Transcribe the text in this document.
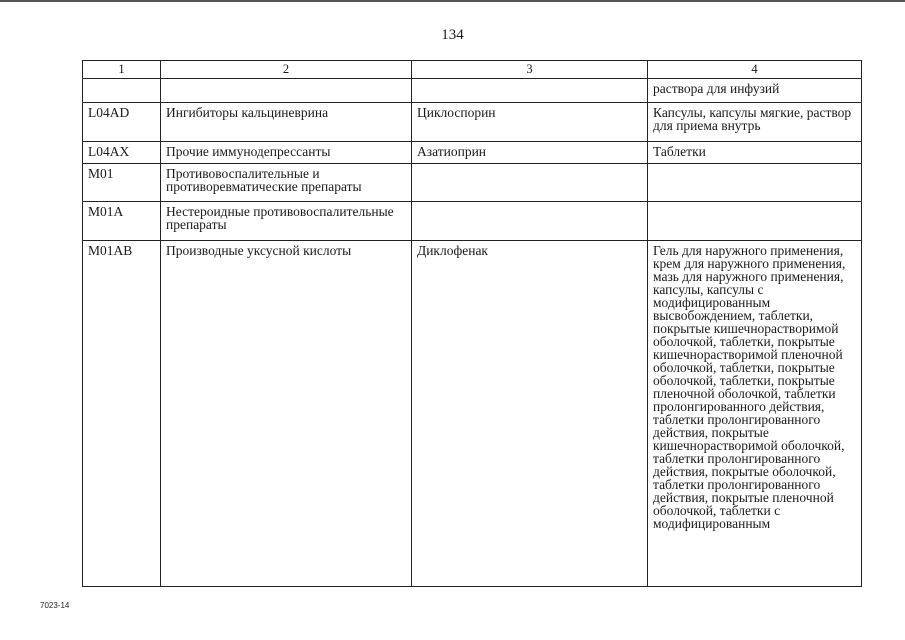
134
1	2	3	4
			раствора для инфузий
L04AD	Ингибиторы кальциневрина	Циклоспорин	Капсулы, капсулы мягкие, раствор для приема внутрь
L04AX	Прочие иммунодепрессанты	Азатиоприн	Таблетки
M01	Противовоспалительные и противоревматические препараты		
M01A	Нестероидные противовоспалительные препараты		
M01AB	Производные уксусной кислоты	Диклофенак	Гель для наружного применения, крем для наружного применения, мазь для наружного применения, капсулы, капсулы с модифицированным высвобождением, таблетки, покрытые кишечнорастворимой оболочкой, таблетки, покрытые кишечнорастворимой пленочной оболочкой, таблетки, покрытые оболочкой, таблетки, покрытые пленочной оболочкой, таблетки пролонгированного действия, таблетки пролонгированного действия, покрытые кишечнорастворимой оболочкой, таблетки пролонгированного действия, покрытые оболочкой, таблетки пролонгированного действия, покрытые пленочной оболочкой, таблетки с модифицированным
7023-14
